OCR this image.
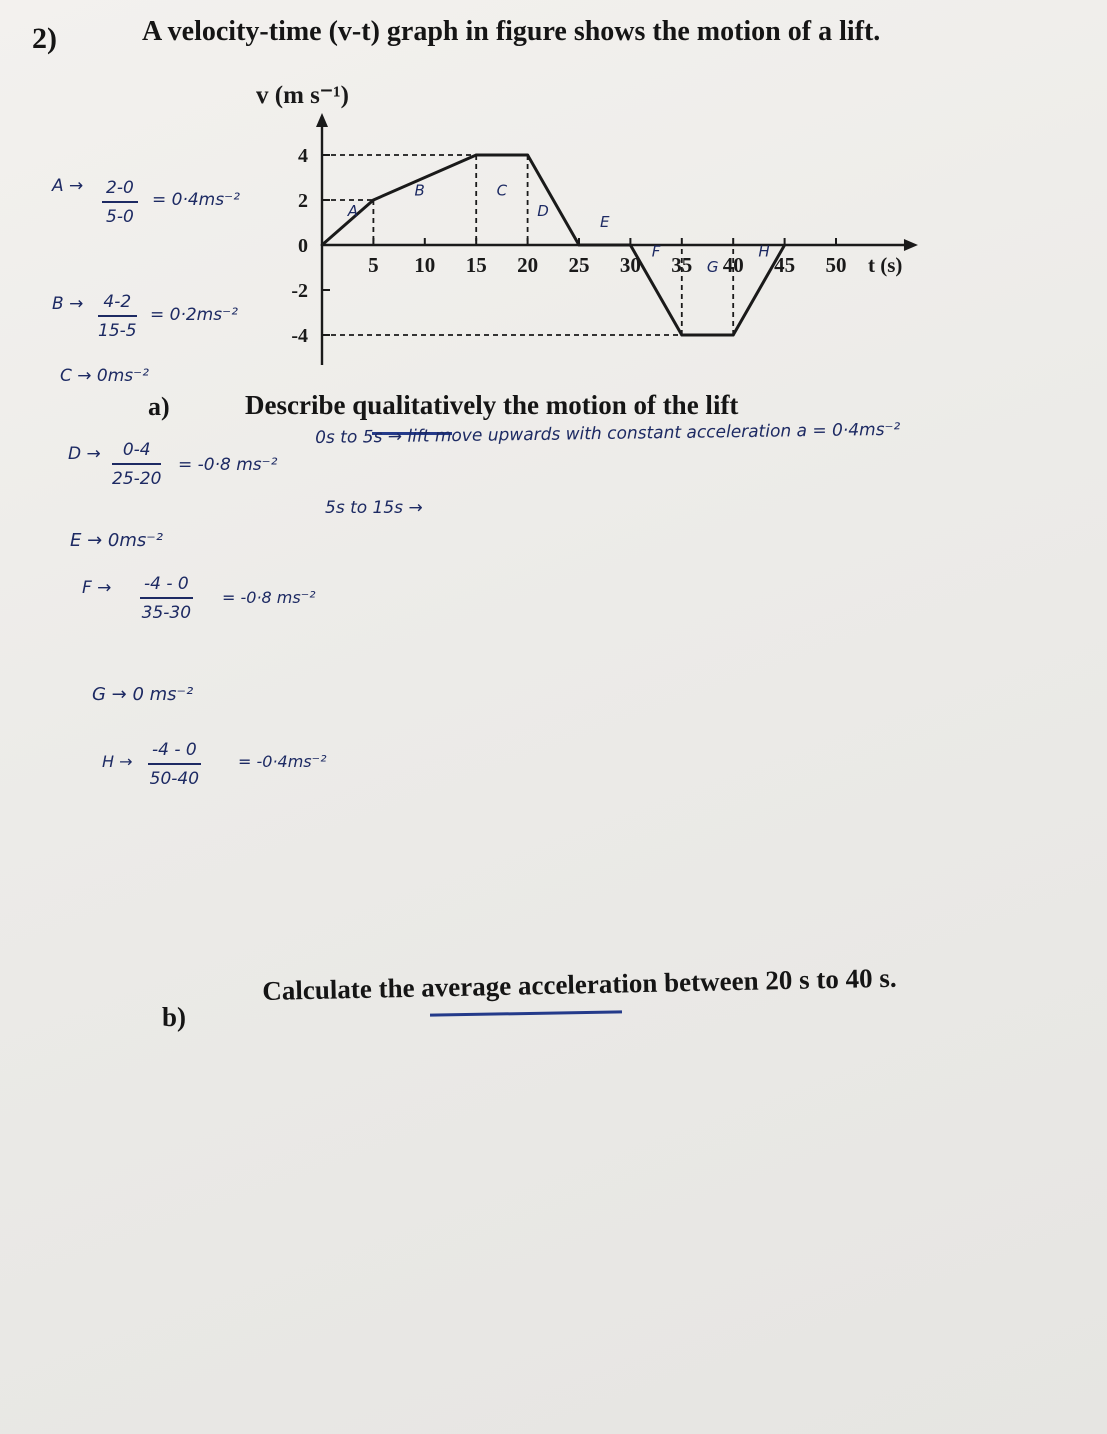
2)	A velocity-time (v-t) graph in figure shows the motion of a lift.
4
2
0
-2
-4
5 10 15 20 25 30 35 40 45 50
A
B	C
D
E
F
G
H
v (m s⁻¹)
t (s)
a)	Describe qualitatively the motion of the lift
b)
Calculate the average acceleration between 20 s to 40 s.
$A \to \frac{2-0}{5-0} = 0\cdot 4ms^{-2}$
$B \to \frac{4-2}{15-5} = 0\cdot 2ms^{-2}$
C → 0ms⁻²
$D \to \frac{0-4}{25-20} = -0\cdot 8$ ms⁻²
0s to 5s → lift move upwards with constant acceleration a = 0·4ms⁻²
5s to 15s →
E → 0ms⁻²
$F \to \frac{-4 - 0}{35-30} = -0\cdot 8$ ms⁻²
G → 0 ms⁻²
$H \to \frac{-4 - 0}{50-40} = -0\cdot 4ms^{-2}$
